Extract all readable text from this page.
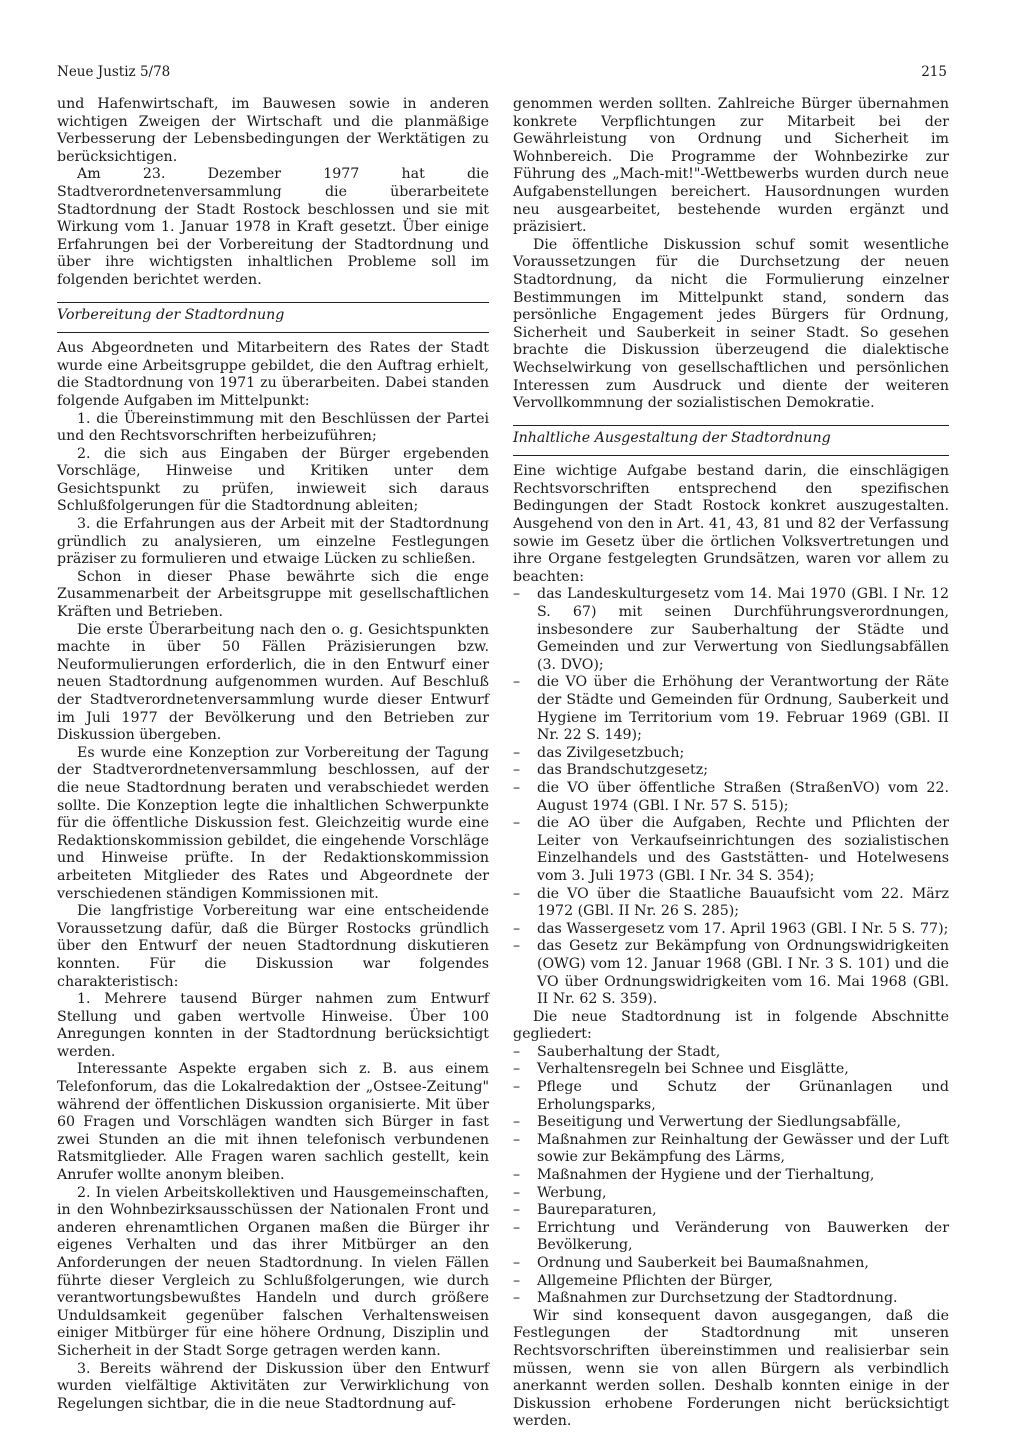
Neue Justiz 5/78	215

und Hafenwirtschaft, im Bauwesen sowie in anderen wichtigen Zweigen der Wirtschaft und die planmäßige Verbesserung der Lebensbedingungen der Werktätigen zu berücksichtigen.

Am 23. Dezember 1977 hat die Stadtverordnetenversammlung die überarbeitete Stadtordnung der Stadt Rostock beschlossen und sie mit Wirkung vom 1. Januar 1978 in Kraft gesetzt. Über einige Erfahrungen bei der Vorbereitung der Stadtordnung und über ihre wichtigsten inhaltlichen Probleme soll im folgenden berichtet werden.

Vorbereitung der Stadtordnung

Aus Abgeordneten und Mitarbeitern des Rates der Stadt wurde eine Arbeitsgruppe gebildet, die den Auftrag erhielt, die Stadtordnung von 1971 zu überarbeiten. Dabei standen folgende Aufgaben im Mittelpunkt:

1. die Übereinstimmung mit den Beschlüssen der Partei und den Rechtsvorschriften herbeizuführen;

2. die sich aus Eingaben der Bürger ergebenden Vorschläge, Hinweise und Kritiken unter dem Gesichtspunkt zu prüfen, inwieweit sich daraus Schlußfolgerungen für die Stadtordnung ableiten;

3. die Erfahrungen aus der Arbeit mit der Stadtordnung gründlich zu analysieren, um einzelne Festlegungen präziser zu formulieren und etwaige Lücken zu schließen.

Schon in dieser Phase bewährte sich die enge Zusammenarbeit der Arbeitsgruppe mit gesellschaftlichen Kräften und Betrieben.

Die erste Überarbeitung nach den o. g. Gesichtspunkten machte in über 50 Fällen Präzisierungen bzw. Neuformulierungen erforderlich, die in den Entwurf einer neuen Stadtordnung aufgenommen wurden. Auf Beschluß der Stadtverordnetenversammlung wurde dieser Entwurf im Juli 1977 der Bevölkerung und den Betrieben zur Diskussion übergeben.

Es wurde eine Konzeption zur Vorbereitung der Tagung der Stadtverordnetenversammlung beschlossen, auf der die neue Stadtordnung beraten und verabschiedet werden sollte. Die Konzeption legte die inhaltlichen Schwerpunkte für die öffentliche Diskussion fest. Gleichzeitig wurde eine Redaktionskommission gebildet, die eingehende Vorschläge und Hinweise prüfte. In der Redaktionskommission arbeiteten Mitglieder des Rates und Abgeordnete der verschiedenen ständigen Kommissionen mit.

Die langfristige Vorbereitung war eine entscheidende Voraussetzung dafür, daß die Bürger Rostocks gründlich über den Entwurf der neuen Stadtordnung diskutieren konnten. Für die Diskussion war folgendes charakteristisch:

1. Mehrere tausend Bürger nahmen zum Entwurf Stellung und gaben wertvolle Hinweise. Über 100 Anregungen konnten in der Stadtordnung berücksichtigt werden.

Interessante Aspekte ergaben sich z. B. aus einem Telefonforum, das die Lokalredaktion der „Ostsee-Zeitung" während der öffentlichen Diskussion organisierte. Mit über 60 Fragen und Vorschlägen wandten sich Bürger in fast zwei Stunden an die mit ihnen telefonisch verbundenen Ratsmitglieder. Alle Fragen waren sachlich gestellt, kein Anrufer wollte anonym bleiben.

2. In vielen Arbeitskollektiven und Hausgemeinschaften, in den Wohnbezirksausschüssen der Nationalen Front und anderen ehrenamtlichen Organen maßen die Bürger ihr eigenes Verhalten und das ihrer Mitbürger an den Anforderungen der neuen Stadtordnung. In vielen Fällen führte dieser Vergleich zu Schlußfolgerungen, wie durch verantwortungsbewußtes Handeln und durch größere Unduldsamkeit gegenüber falschen Verhaltensweisen einiger Mitbürger für eine höhere Ordnung, Disziplin und Sicherheit in der Stadt Sorge getragen werden kann.

3. Bereits während der Diskussion über den Entwurf wurden vielfältige Aktivitäten zur Verwirklichung von Regelungen sichtbar, die in die neue Stadtordnung auf-

genommen werden sollten. Zahlreiche Bürger übernahmen konkrete Verpflichtungen zur Mitarbeit bei der Gewährleistung von Ordnung und Sicherheit im Wohnbereich. Die Programme der Wohnbezirke zur Führung des „Mach-mit!"-Wettbewerbs wurden durch neue Aufgabenstellungen bereichert. Hausordnungen wurden neu ausgearbeitet, bestehende wurden ergänzt und präzisiert.

Die öffentliche Diskussion schuf somit wesentliche Voraussetzungen für die Durchsetzung der neuen Stadtordnung, da nicht die Formulierung einzelner Bestimmungen im Mittelpunkt stand, sondern das persönliche Engagement jedes Bürgers für Ordnung, Sicherheit und Sauberkeit in seiner Stadt. So gesehen brachte die Diskussion überzeugend die dialektische Wechselwirkung von gesellschaftlichen und persönlichen Interessen zum Ausdruck und diente der weiteren Vervollkommnung der sozialistischen Demokratie.

Inhaltliche Ausgestaltung der Stadtordnung

Eine wichtige Aufgabe bestand darin, die einschlägigen Rechtsvorschriften entsprechend den spezifischen Bedingungen der Stadt Rostock konkret auszugestalten. Ausgehend von den in Art. 41, 43, 81 und 82 der Verfassung sowie im Gesetz über die örtlichen Volksvertretungen und ihre Organe festgelegten Grundsätzen, waren vor allem zu beachten:

–	das Landeskulturgesetz vom 14. Mai 1970 (GBl. I Nr. 12 S. 67) mit seinen Durchführungsverordnungen, insbesondere zur Sauberhaltung der Städte und Gemeinden und zur Verwertung von Siedlungsabfällen (3. DVO);
–	die VO über die Erhöhung der Verantwortung der Räte der Städte und Gemeinden für Ordnung, Sauberkeit und Hygiene im Territorium vom 19. Februar 1969 (GBl. II Nr. 22 S. 149);
–	das Zivilgesetzbuch;
–	das Brandschutzgesetz;
–	die VO über öffentliche Straßen (StraßenVO) vom 22. August 1974 (GBl. I Nr. 57 S. 515);
–	die AO über die Aufgaben, Rechte und Pflichten der Leiter von Verkaufseinrichtungen des sozialistischen Einzelhandels und des Gaststätten- und Hotelwesens vom 3. Juli 1973 (GBl. I Nr. 34 S. 354);
–	die VO über die Staatliche Bauaufsicht vom 22. März 1972 (GBl. II Nr. 26 S. 285);
–	das Wassergesetz vom 17. April 1963 (GBl. I Nr. 5 S. 77);
–	das Gesetz zur Bekämpfung von Ordnungswidrigkeiten (OWG) vom 12. Januar 1968 (GBl. I Nr. 3 S. 101) und die VO über Ordnungswidrigkeiten vom 16. Mai 1968 (GBl. II Nr. 62 S. 359).

Die neue Stadtordnung ist in folgende Abschnitte gegliedert:

–	Sauberhaltung der Stadt,
–	Verhaltensregeln bei Schnee und Eisglätte,
–	Pflege und Schutz der Grünanlagen und Erholungsparks,
–	Beseitigung und Verwertung der Siedlungsabfälle,
–	Maßnahmen zur Reinhaltung der Gewässer und der Luft sowie zur Bekämpfung des Lärms,
–	Maßnahmen der Hygiene und der Tierhaltung,
–	Werbung,
–	Baureparaturen,
–	Errichtung und Veränderung von Bauwerken der Bevölkerung,
–	Ordnung und Sauberkeit bei Baumaßnahmen,
–	Allgemeine Pflichten der Bürger,
–	Maßnahmen zur Durchsetzung der Stadtordnung.

Wir sind konsequent davon ausgegangen, daß die Festlegungen der Stadtordnung mit unseren Rechtsvorschriften übereinstimmen und realisierbar sein müssen, wenn sie von allen Bürgern als verbindlich anerkannt werden sollen. Deshalb konnten einige in der Diskussion erhobene Forderungen nicht berücksichtigt werden.
